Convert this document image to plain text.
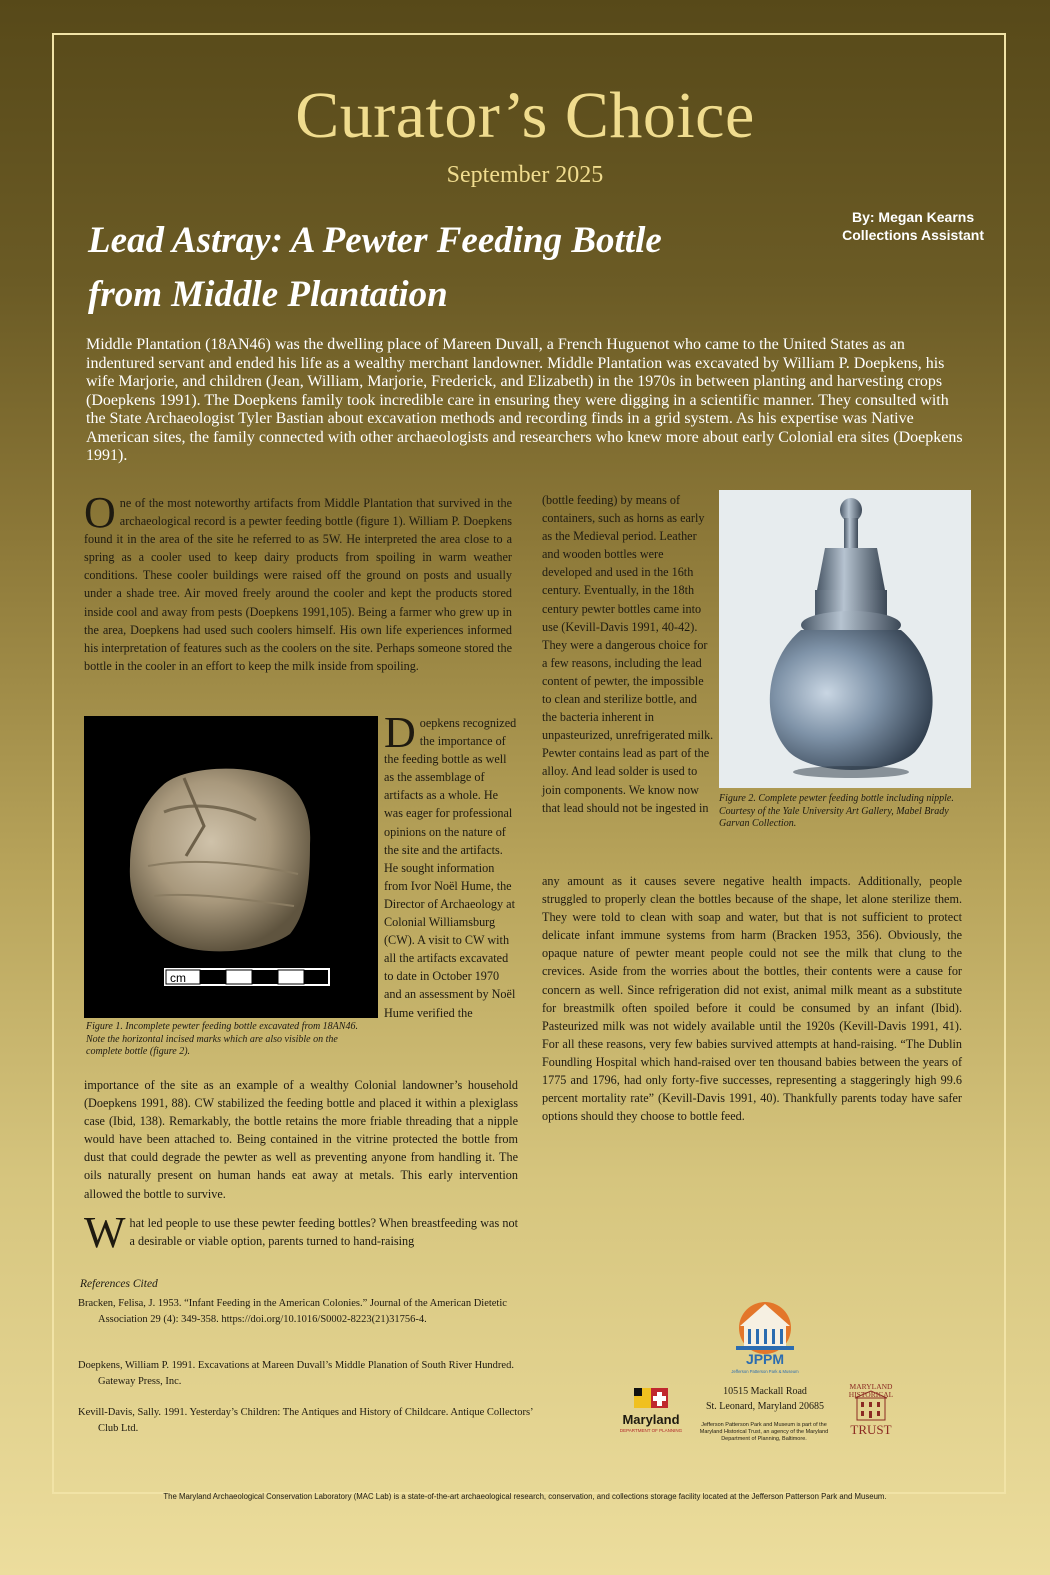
Curator’s Choice
September 2025
By: Megan Kearns
Collections Assistant
Lead Astray: A Pewter Feeding Bottle
from Middle Plantation
Middle Plantation (18AN46) was the dwelling place of Mareen Duvall, a French Huguenot who came to the United States as an indentured servant and ended his life as a wealthy merchant landowner. Middle Plantation was excavated by William P. Doepkens, his wife Marjorie, and children (Jean, William, Marjorie, Frederick, and Elizabeth) in the 1970s in between planting and harvesting crops (Doepkens 1991). The Doepkens family took incredible care in ensuring they were digging in a scientific manner. They consulted with the State Archaeologist Tyler Bastian about excavation methods and recording finds in a grid system. As his expertise was Native American sites, the family connected with other archaeologists and researchers who knew more about early Colonial era sites (Doepkens 1991).
One of the most noteworthy artifacts from Middle Plantation that survived in the archaeological record is a pewter feeding bottle (figure 1). William P. Doepkens found it in the area of the site he referred to as 5W. He interpreted the area close to a spring as a cooler used to keep dairy products from spoiling in warm weather conditions. These cooler buildings were raised off the ground on posts and usually under a shade tree. Air moved freely around the cooler and kept the products stored inside cool and away from pests (Doepkens 1991,105). Being a farmer who grew up in the area, Doepkens had used such coolers himself. His own life experiences informed his interpretation of features such as the coolers on the site. Perhaps someone stored the bottle in the cooler in an effort to keep the milk inside from spoiling.
cm
Figure 1. Incomplete pewter feeding bottle excavated from 18AN46. Note the horizontal incised marks which are also visible on the complete bottle (figure 2).
Doepkens recognized the importance of the feeding bottle as well as the assemblage of artifacts as a whole. He was eager for professional opinions on the nature of the site and the artifacts. He sought information from Ivor Noël Hume, the Director of Archaeology at Colonial Williamsburg (CW). A visit to CW with all the artifacts excavated to date in October 1970 and an assessment by Noël Hume verified the
importance of the site as an example of a wealthy Colonial landowner’s household (Doepkens 1991, 88). CW stabilized the feeding bottle and placed it within a plexiglass case (Ibid, 138). Remarkably, the bottle retains the more friable threading that a nipple would have been attached to. Being contained in the vitrine protected the bottle from dust that could degrade the pewter as well as preventing anyone from handling it. The oils naturally present on human hands eat away at metals. This early intervention allowed the bottle to survive.
What led people to use these pewter feeding bottles? When breastfeeding was not a desirable or viable option, parents turned to hand-raising
(bottle feeding) by means of containers, such as horns as early as the Medieval period. Leather and wooden bottles were developed and used in the 16th century. Eventually, in the 18th century pewter bottles came into use (Kevill-Davis 1991, 40-42). They were a dangerous choice for a few reasons, including the lead content of pewter, the impossible to clean and sterilize bottle, and the bacteria inherent in unpasteurized, unrefrigerated milk. Pewter contains lead as part of the alloy. And lead solder is used to join components. We know now that lead should not be ingested in
Figure 2. Complete pewter feeding bottle including nipple. Courtesy of the Yale University Art Gallery, Mabel Brady Garvan Collection.
any amount as it causes severe negative health impacts. Additionally, people struggled to properly clean the bottles because of the shape, let alone sterilize them. They were told to clean with soap and water, but that is not sufficient to protect delicate infant immune systems from harm (Bracken 1953, 356). Obviously, the opaque nature of pewter meant people could not see the milk that clung to the crevices. Aside from the worries about the bottles, their contents were a cause for concern as well. Since refrigeration did not exist, animal milk meant as a substitute for breastmilk often spoiled before it could be consumed by an infant (Ibid). Pasteurized milk was not widely available until the 1920s (Kevill-Davis 1991, 41). For all these reasons, very few babies survived attempts at hand-raising. “The Dublin Foundling Hospital which hand-raised over ten thousand babies between the years of 1775 and 1796, had only forty-five successes, representing a staggeringly high 99.6 percent mortality rate” (Kevill-Davis 1991, 40). Thankfully parents today have safer options should they choose to bottle feed.
References Cited
Bracken, Felisa, J. 1953. “Infant Feeding in the American Colonies.” Journal of the American Dietetic Association 29 (4): 349-358. https://doi.org/10.1016/S0002-8223(21)31756-4.
Doepkens, William P. 1991. Excavations at Mareen Duvall’s Middle Planation of South River Hundred. Gateway Press, Inc.
Kevill-Davis, Sally. 1991. Yesterday’s Children: The Antiques and History of Childcare. Antique Collectors’ Club Ltd.
Maryland
DEPARTMENT OF PLANNING
JPPM
Jefferson Patterson Park & Museum
10515 Mackall Road
St. Leonard, Maryland 20685
Jefferson Patterson Park and Museum is part of the Maryland Historical Trust, an agency of the Maryland Department of Planning, Baltimore.
MARYLAND HISTORICAL
TRUST
The Maryland Archaeological Conservation Laboratory (MAC Lab) is a state-of-the-art archaeological research, conservation, and collections storage facility located at the Jefferson Patterson Park and Museum.
